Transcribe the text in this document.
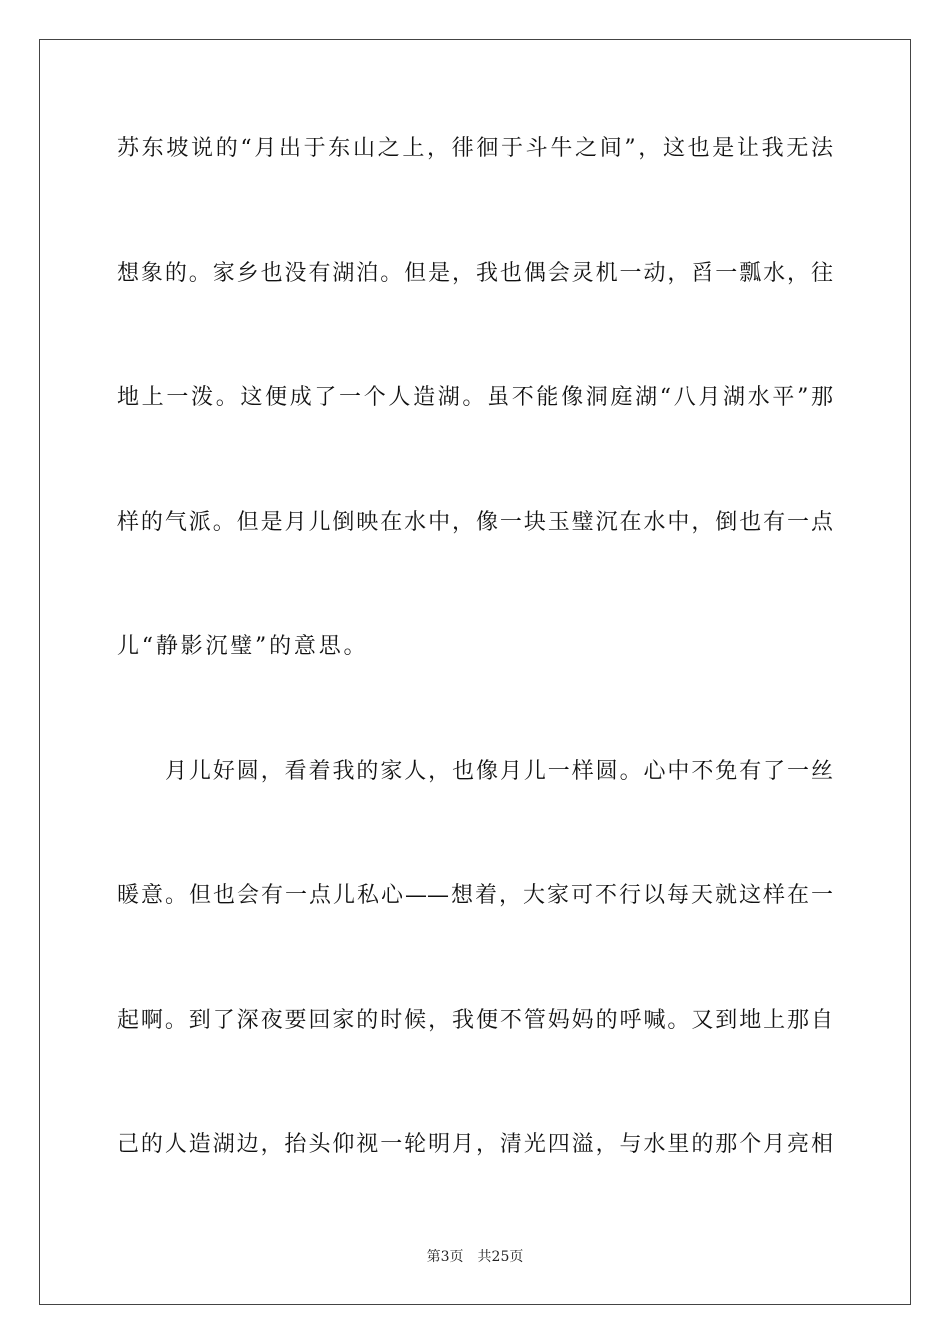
苏东坡说的“月出于东山之上，徘徊于斗牛之间”，这也是让我无法
想象的。家乡也没有湖泊。但是，我也偶会灵机一动，舀一瓢水，往
地上一泼。这便成了一个人造湖。虽不能像洞庭湖“八月湖水平”那
样的气派。但是月儿倒映在水中，像一块玉璧沉在水中，倒也有一点
儿“静影沉璧”的意思。
月儿好圆，看着我的家人，也像月儿一样圆。心中不免有了一丝
暖意。但也会有一点儿私心——想着，大家可不行以每天就这样在一
起啊。到了深夜要回家的时候，我便不管妈妈的呼喊。又到地上那自
己的人造湖边，抬头仰视一轮明月，清光四溢，与水里的那个月亮相
第3页 共25页
